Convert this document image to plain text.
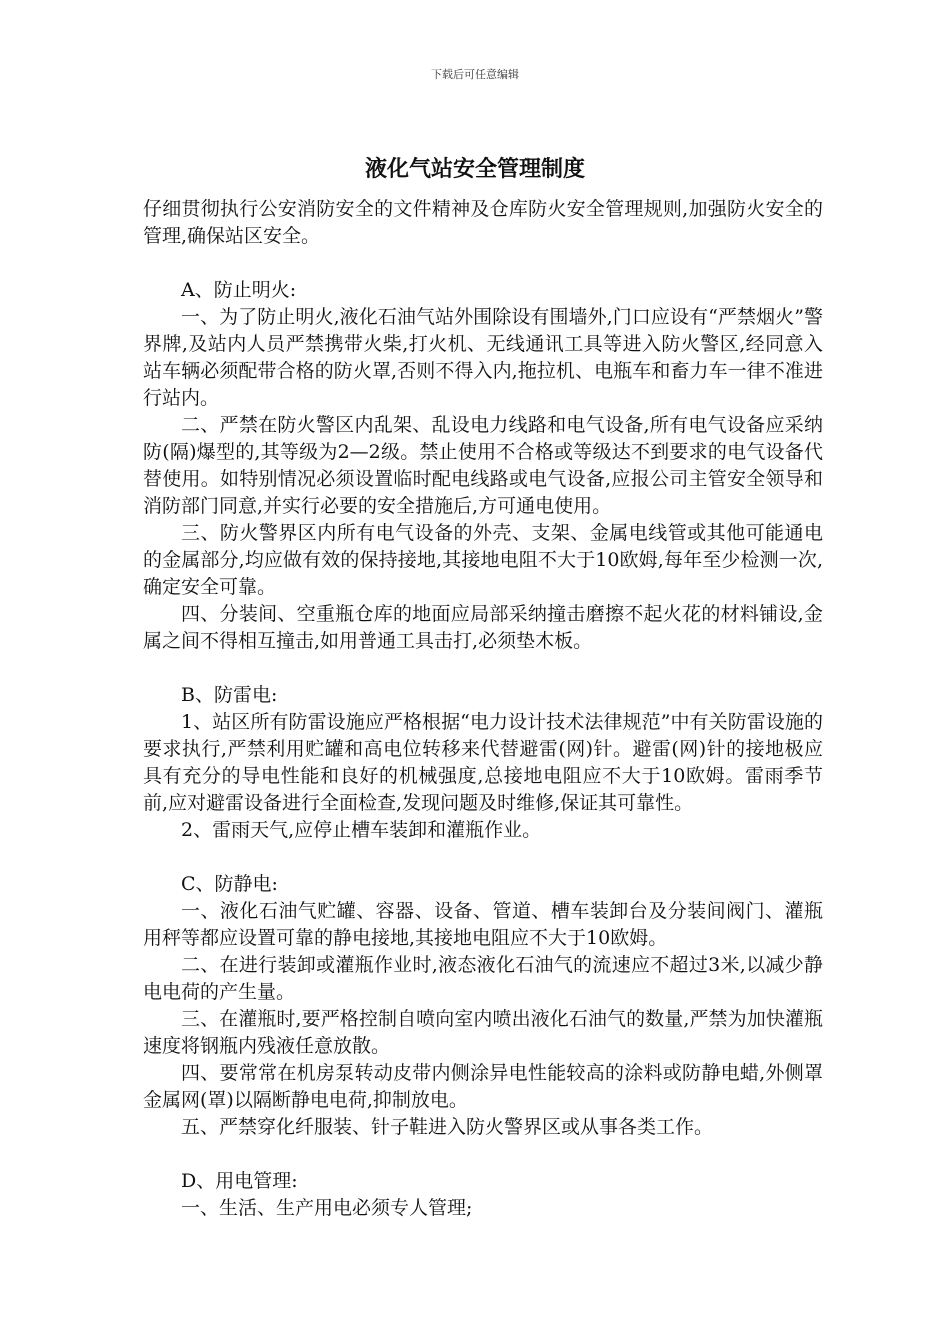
下载后可任意编辑
液化气站安全管理制度

仔细贯彻执行公安消防安全的文件精神及仓库防火安全管理规则,加强防火安全的管理,确保站区安全。

A、防止明火:

一、为了防止明火,液化石油气站外围除设有围墙外,门口应设有“严禁烟火”警界牌,及站内人员严禁携带火柴,打火机、无线通讯工具等进入防火警区,经同意入站车辆必须配带合格的防火罩,否则不得入内,拖拉机、电瓶车和畜力车一律不准进行站内。

二、严禁在防火警区内乱架、乱设电力线路和电气设备,所有电气设备应采纳防(隔)爆型的,其等级为2—2级。禁止使用不合格或等级达不到要求的电气设备代替使用。如特别情况必须设置临时配电线路或电气设备,应报公司主管安全领导和消防部门同意,并实行必要的安全措施后,方可通电使用。

三、防火警界区内所有电气设备的外壳、支架、金属电线管或其他可能通电的金属部分,均应做有效的保持接地,其接地电阻不大于10欧姆,每年至少检测一次,确定安全可靠。

四、分装间、空重瓶仓库的地面应局部采纳撞击磨擦不起火花的材料铺设,金属之间不得相互撞击,如用普通工具击打,必须垫木板。

B、防雷电:

1、站区所有防雷设施应严格根据“电力设计技术法律规范”中有关防雷设施的要求执行,严禁利用贮罐和高电位转移来代替避雷(网)针。避雷(网)针的接地极应具有充分的导电性能和良好的机械强度,总接地电阻应不大于10欧姆。雷雨季节前,应对避雷设备进行全面检查,发现问题及时维修,保证其可靠性。

2、雷雨天气,应停止槽车装卸和灌瓶作业。

C、防静电:

一、液化石油气贮罐、容器、设备、管道、槽车装卸台及分装间阀门、灌瓶用秤等都应设置可靠的静电接地,其接地电阻应不大于10欧姆。

二、在进行装卸或灌瓶作业时,液态液化石油气的流速应不超过3米,以减少静电电荷的产生量。

三、在灌瓶时,要严格控制自喷向室内喷出液化石油气的数量,严禁为加快灌瓶速度将钢瓶内残液任意放散。

四、要常常在机房泵转动皮带内侧涂异电性能较高的涂料或防静电蜡,外侧罩金属网(罩)以隔断静电电荷,抑制放电。

五、严禁穿化纤服装、针子鞋进入防火警界区或从事各类工作。

D、用电管理:

一、生活、生产用电必须专人管理;
